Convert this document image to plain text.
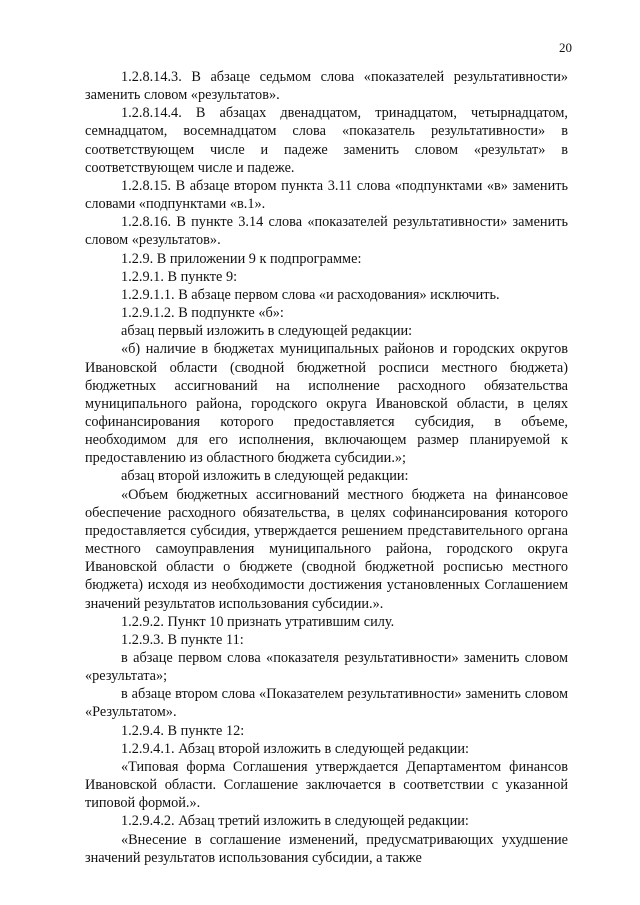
20

1.2.8.14.3. В абзаце седьмом слова «показателей результативности» заменить словом «результатов».

1.2.8.14.4. В абзацах двенадцатом, тринадцатом, четырнадцатом, семнадцатом, восемнадцатом слова «показатель результативности» в соответствующем числе и падеже заменить словом «результат» в соответствующем числе и падеже.

1.2.8.15. В абзаце втором пункта 3.11 слова «подпунктами «в» заменить словами «подпунктами «в.1».

1.2.8.16. В пункте 3.14 слова «показателей результативности» заменить словом «результатов».

1.2.9. В приложении 9 к подпрограмме:

1.2.9.1. В пункте 9:

1.2.9.1.1. В абзаце первом слова «и расходования» исключить.

1.2.9.1.2. В подпункте «б»:

абзац первый изложить в следующей редакции:

«б) наличие в бюджетах муниципальных районов и городских округов Ивановской области (сводной бюджетной росписи местного бюджета) бюджетных ассигнований на исполнение расходного обязательства муниципального района, городского округа Ивановской области, в целях софинансирования которого предоставляется субсидия, в объеме, необходимом для его исполнения, включающем размер планируемой к предоставлению из областного бюджета субсидии.»;

абзац второй изложить в следующей редакции:

«Объем бюджетных ассигнований местного бюджета на финансовое обеспечение расходного обязательства, в целях софинансирования которого предоставляется субсидия, утверждается решением представительного органа местного самоуправления муниципального района, городского округа Ивановской области о бюджете (сводной бюджетной росписью местного бюджета) исходя из необходимости достижения установленных Соглашением значений результатов использования субсидии.».

1.2.9.2. Пункт 10 признать утратившим силу.

1.2.9.3. В пункте 11:

в абзаце первом слова «показателя результативности» заменить словом «результата»;

в абзаце втором слова «Показателем результативности» заменить словом «Результатом».

1.2.9.4. В пункте 12:

1.2.9.4.1. Абзац второй изложить в следующей редакции:

«Типовая форма Соглашения утверждается Департаментом финансов Ивановской области. Соглашение заключается в соответствии с указанной типовой формой.».

1.2.9.4.2. Абзац третий изложить в следующей редакции:

«Внесение в соглашение изменений, предусматривающих ухудшение значений результатов использования субсидии, а также
